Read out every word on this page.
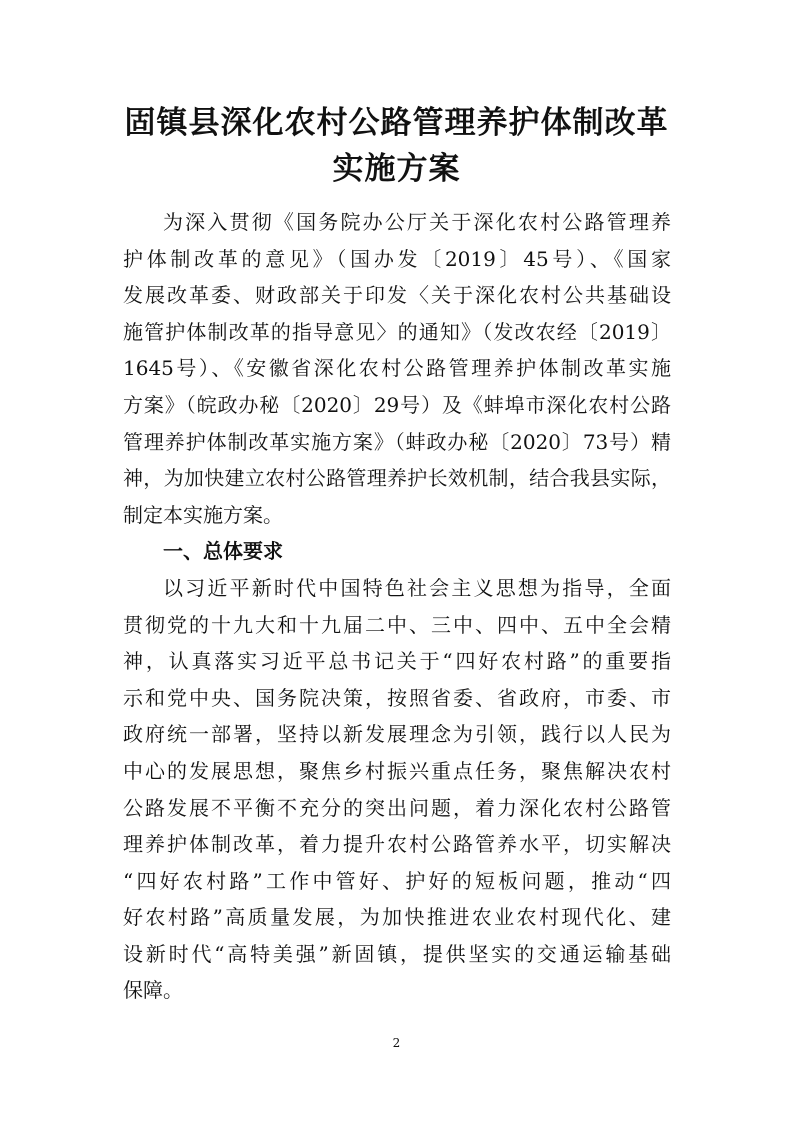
固镇县深化农村公路管理养护体制改革
实施方案

为深入贯彻《国务院办公厅关于深化农村公路管理养
护体制改革的意见》（国办发〔2019〕45号）、《国家
发展改革委、财政部关于印发〈关于深化农村公共基础设
施管护体制改革的指导意见〉的通知》（发改农经〔2019〕
1645号）、《安徽省深化农村公路管理养护体制改革实施
方案》（皖政办秘〔2020〕29号）及《蚌埠市深化农村公路
管理养护体制改革实施方案》（蚌政办秘〔2020〕73号）精
神，为加快建立农村公路管理养护长效机制，结合我县实际，
制定本实施方案。

一、总体要求

以习近平新时代中国特色社会主义思想为指导，全面
贯彻党的十九大和十九届二中、三中、四中、五中全会精
神，认真落实习近平总书记关于“四好农村路”的重要指
示和党中央、国务院决策，按照省委、省政府，市委、市
政府统一部署，坚持以新发展理念为引领，践行以人民为
中心的发展思想，聚焦乡村振兴重点任务，聚焦解决农村
公路发展不平衡不充分的突出问题，着力深化农村公路管
理养护体制改革，着力提升农村公路管养水平，切实解决
“四好农村路”工作中管好、护好的短板问题，推动“四
好农村路”高质量发展，为加快推进农业农村现代化、建
设新时代“高特美强”新固镇，提供坚实的交通运输基础
保障。

2
